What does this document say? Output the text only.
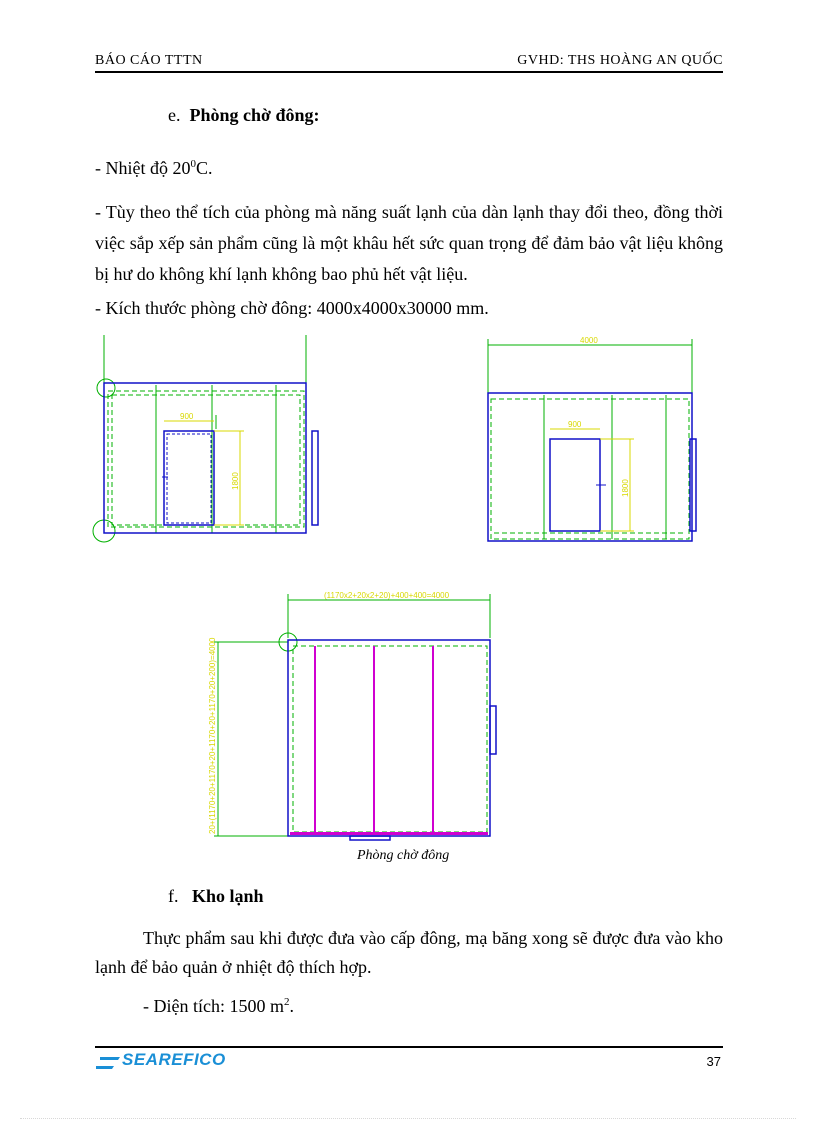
BÁO CÁO TTTN	GVHD: THS HOÀNG AN QUỐC
e. Phòng chờ đông:
- Nhiệt độ $20^0C$.
- Tùy theo thể tích của phòng mà năng suất lạnh của dàn lạnh thay đổi theo, đồng thời việc sắp xếp sản phẩm cũng là một khâu hết sức quan trọng để đảm bảo vật liệu không bị hư do không khí lạnh không bao phủ hết vật liệu.
- Kích thước phòng chờ đông: 4000x4000x30000 mm.
900
1800
4000
900
1800
(1170x2+20x2+20)+400+400=4000
20+(1170+20+1170+20+1170+20+1170+20+200)=4000
Phòng chờ đông
f. Kho lạnh
Thực phẩm sau khi được đưa vào cấp đông, mạ băng xong sẽ được đưa vào kho lạnh để bảo quản ở nhiệt độ thích hợp.
- Diện tích: 1500 $m^2$.
SEAREFICO	37
